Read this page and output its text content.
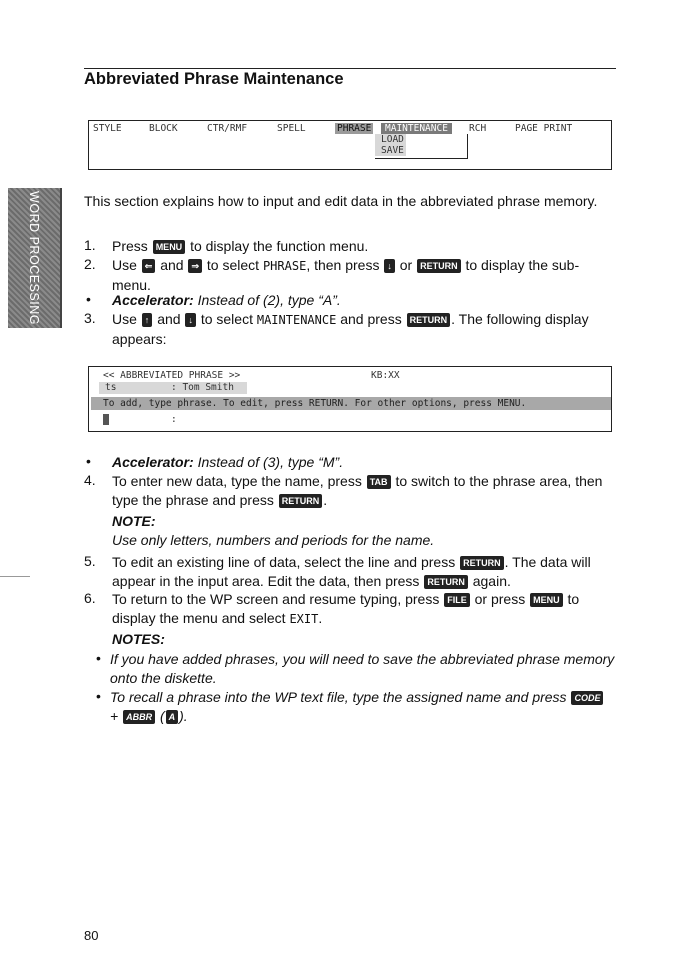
Abbreviated Phrase Maintenance
WORD PROCESSING
STYLE	BLOCK	CTR/RMF	SPELL	PHRASE	MAINTENANCE	RCH	PAGE PRINT
LOAD
SAVE
This section explains how to input and edit data in the abbreviated phrase memory.
1. Press MENU to display the function menu.
2. Use ⇐ and ⇒ to select PHRASE, then press ↓ or RETURN to display the sub-menu.
• Accelerator: Instead of (2), type “A”.
3. Use ↑ and ↓ to select MAINTENANCE and press RETURN . The following display appears:
<< ABBREVIATED PHRASE >>	KB:XX
ts	: Tom Smith
To add, type phrase. To edit, press RETURN. For other options, press MENU.
:
• Accelerator: Instead of (3), type “M”.
4. To enter new data, type the name, press TAB to switch to the phrase area, then type the phrase and press RETURN .
NOTE:
Use only letters, numbers and periods for the name.
5. To edit an existing line of data, select the line and press RETURN . The data will appear in the input area. Edit the data, then press RETURN again.
6. To return to the WP screen and resume typing, press FILE or press MENU to display the menu and select EXIT.
NOTES:
• If you have added phrases, you will need to save the abbreviated phrase memory onto the diskette.
• To recall a phrase into the WP text file, type the assigned name and press CODE + ABBR ( A ).
80
